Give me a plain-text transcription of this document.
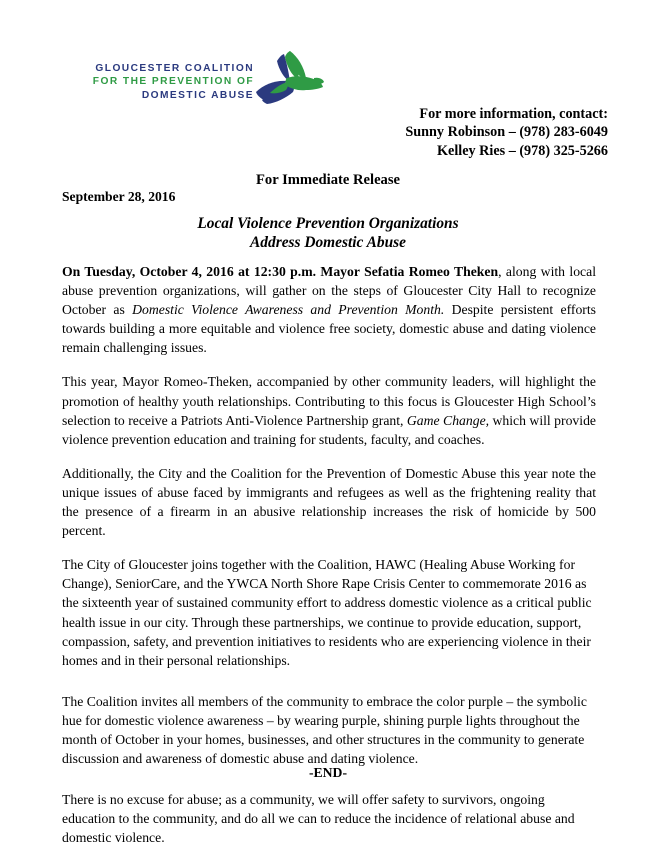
GLOUCESTER COALITION
FOR THE PREVENTION OF
DOMESTIC ABUSE
For more information, contact:
Sunny Robinson – (978) 283-6049
Kelley Ries – (978) 325-5266
For Immediate Release
September 28, 2016
Local Violence Prevention Organizations
Address Domestic Abuse

On Tuesday, October 4, 2016 at 12:30 p.m. Mayor Sefatia Romeo Theken, along with local abuse prevention organizations, will gather on the steps of Gloucester City Hall to recognize October as Domestic Violence Awareness and Prevention Month. Despite persistent efforts towards building a more equitable and violence free society, domestic abuse and dating violence remain challenging issues.

This year, Mayor Romeo-Theken, accompanied by other community leaders, will highlight the promotion of healthy youth relationships. Contributing to this focus is Gloucester High School’s selection to receive a Patriots Anti-Violence Partnership grant, Game Change, which will provide violence prevention education and training for students, faculty, and coaches.

Additionally, the City and the Coalition for the Prevention of Domestic Abuse this year note the unique issues of abuse faced by immigrants and refugees as well as the frightening reality that the presence of a firearm in an abusive relationship increases the risk of homicide by 500 percent.

The City of Gloucester joins together with the Coalition, HAWC (Healing Abuse Working for Change), SeniorCare, and the YWCA North Shore Rape Crisis Center to commemorate 2016 as the sixteenth year of sustained community effort to address domestic violence as a critical public health issue in our city. Through these partnerships, we continue to provide education, support, compassion, safety, and prevention initiatives to residents who are experiencing violence in their homes and in their personal relationships.

The Coalition invites all members of the community to embrace the color purple – the symbolic hue for domestic violence awareness – by wearing purple, shining purple lights throughout the month of October in your homes, businesses, and other structures in the community to generate discussion and awareness of domestic abuse and dating violence.

There is no excuse for abuse; as a community, we will offer safety to survivors, ongoing education to the community, and do all we can to reduce the incidence of relational abuse and domestic violence.

-END-
